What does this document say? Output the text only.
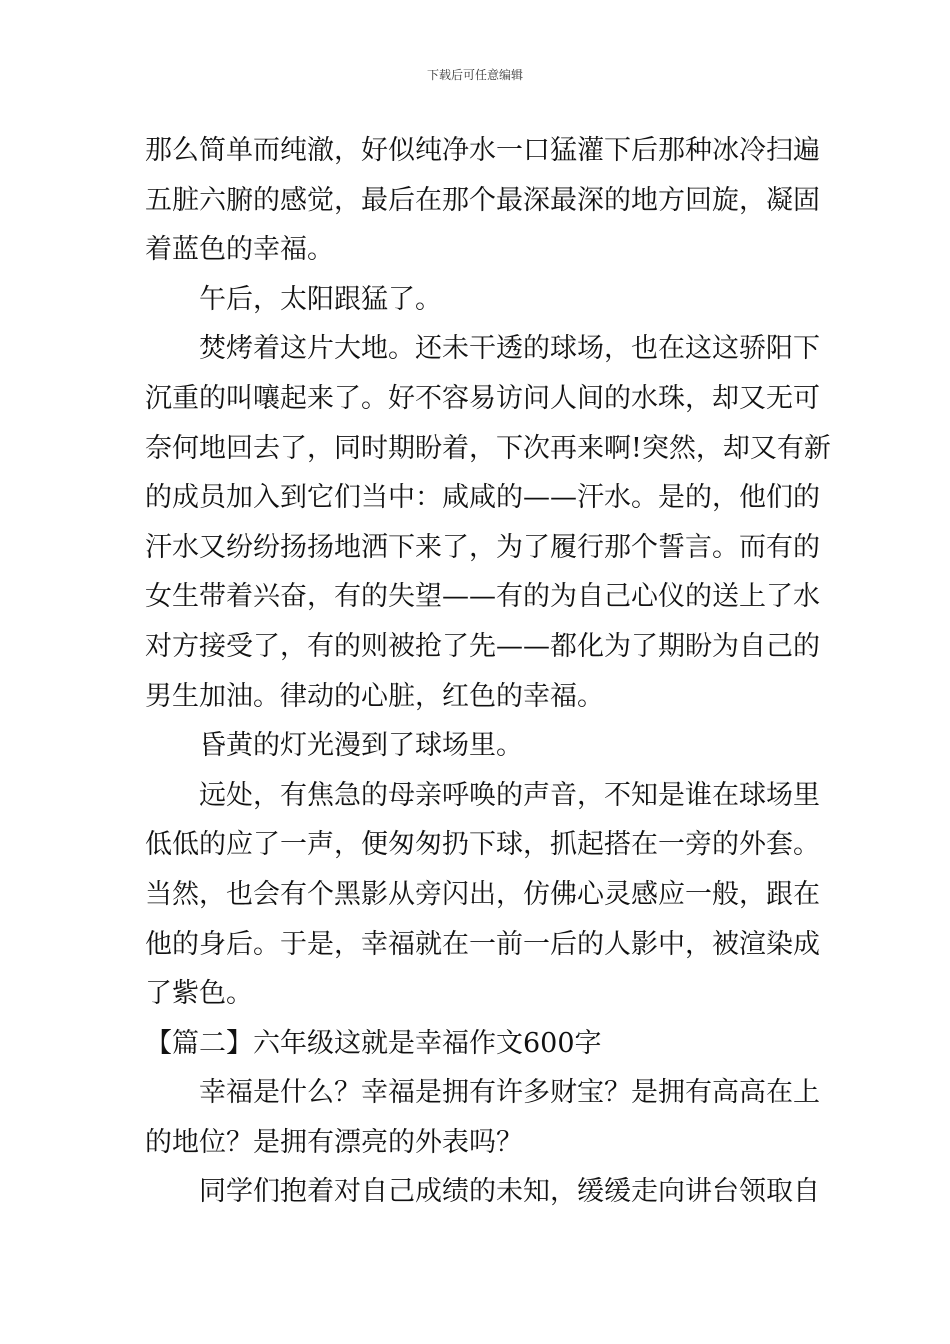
下载后可任意编辑
那么简单而纯澈，好似纯净水一口猛灌下后那种冰冷扫遍
五脏六腑的感觉，最后在那个最深最深的地方回旋，凝固
着蓝色的幸福。
午后，太阳跟猛了。
焚烤着这片大地。还未干透的球场，也在这这骄阳下
沉重的叫嚷起来了。好不容易访问人间的水珠，却又无可
奈何地回去了，同时期盼着，下次再来啊!突然，却又有新
的成员加入到它们当中：咸咸的——汗水。是的，他们的
汗水又纷纷扬扬地洒下来了，为了履行那个誓言。而有的
女生带着兴奋，有的失望——有的为自己心仪的送上了水
对方接受了，有的则被抢了先——都化为了期盼为自己的
男生加油。律动的心脏，红色的幸福。
昏黄的灯光漫到了球场里。
远处，有焦急的母亲呼唤的声音，不知是谁在球场里
低低的应了一声，便匆匆扔下球，抓起搭在一旁的外套。
当然，也会有个黑影从旁闪出，仿佛心灵感应一般，跟在
他的身后。于是，幸福就在一前一后的人影中，被渲染成
了紫色。
【篇二】六年级这就是幸福作文600字
幸福是什么？幸福是拥有许多财宝？是拥有高高在上
的地位？是拥有漂亮的外表吗？
同学们抱着对自己成绩的未知，缓缓走向讲台领取自
